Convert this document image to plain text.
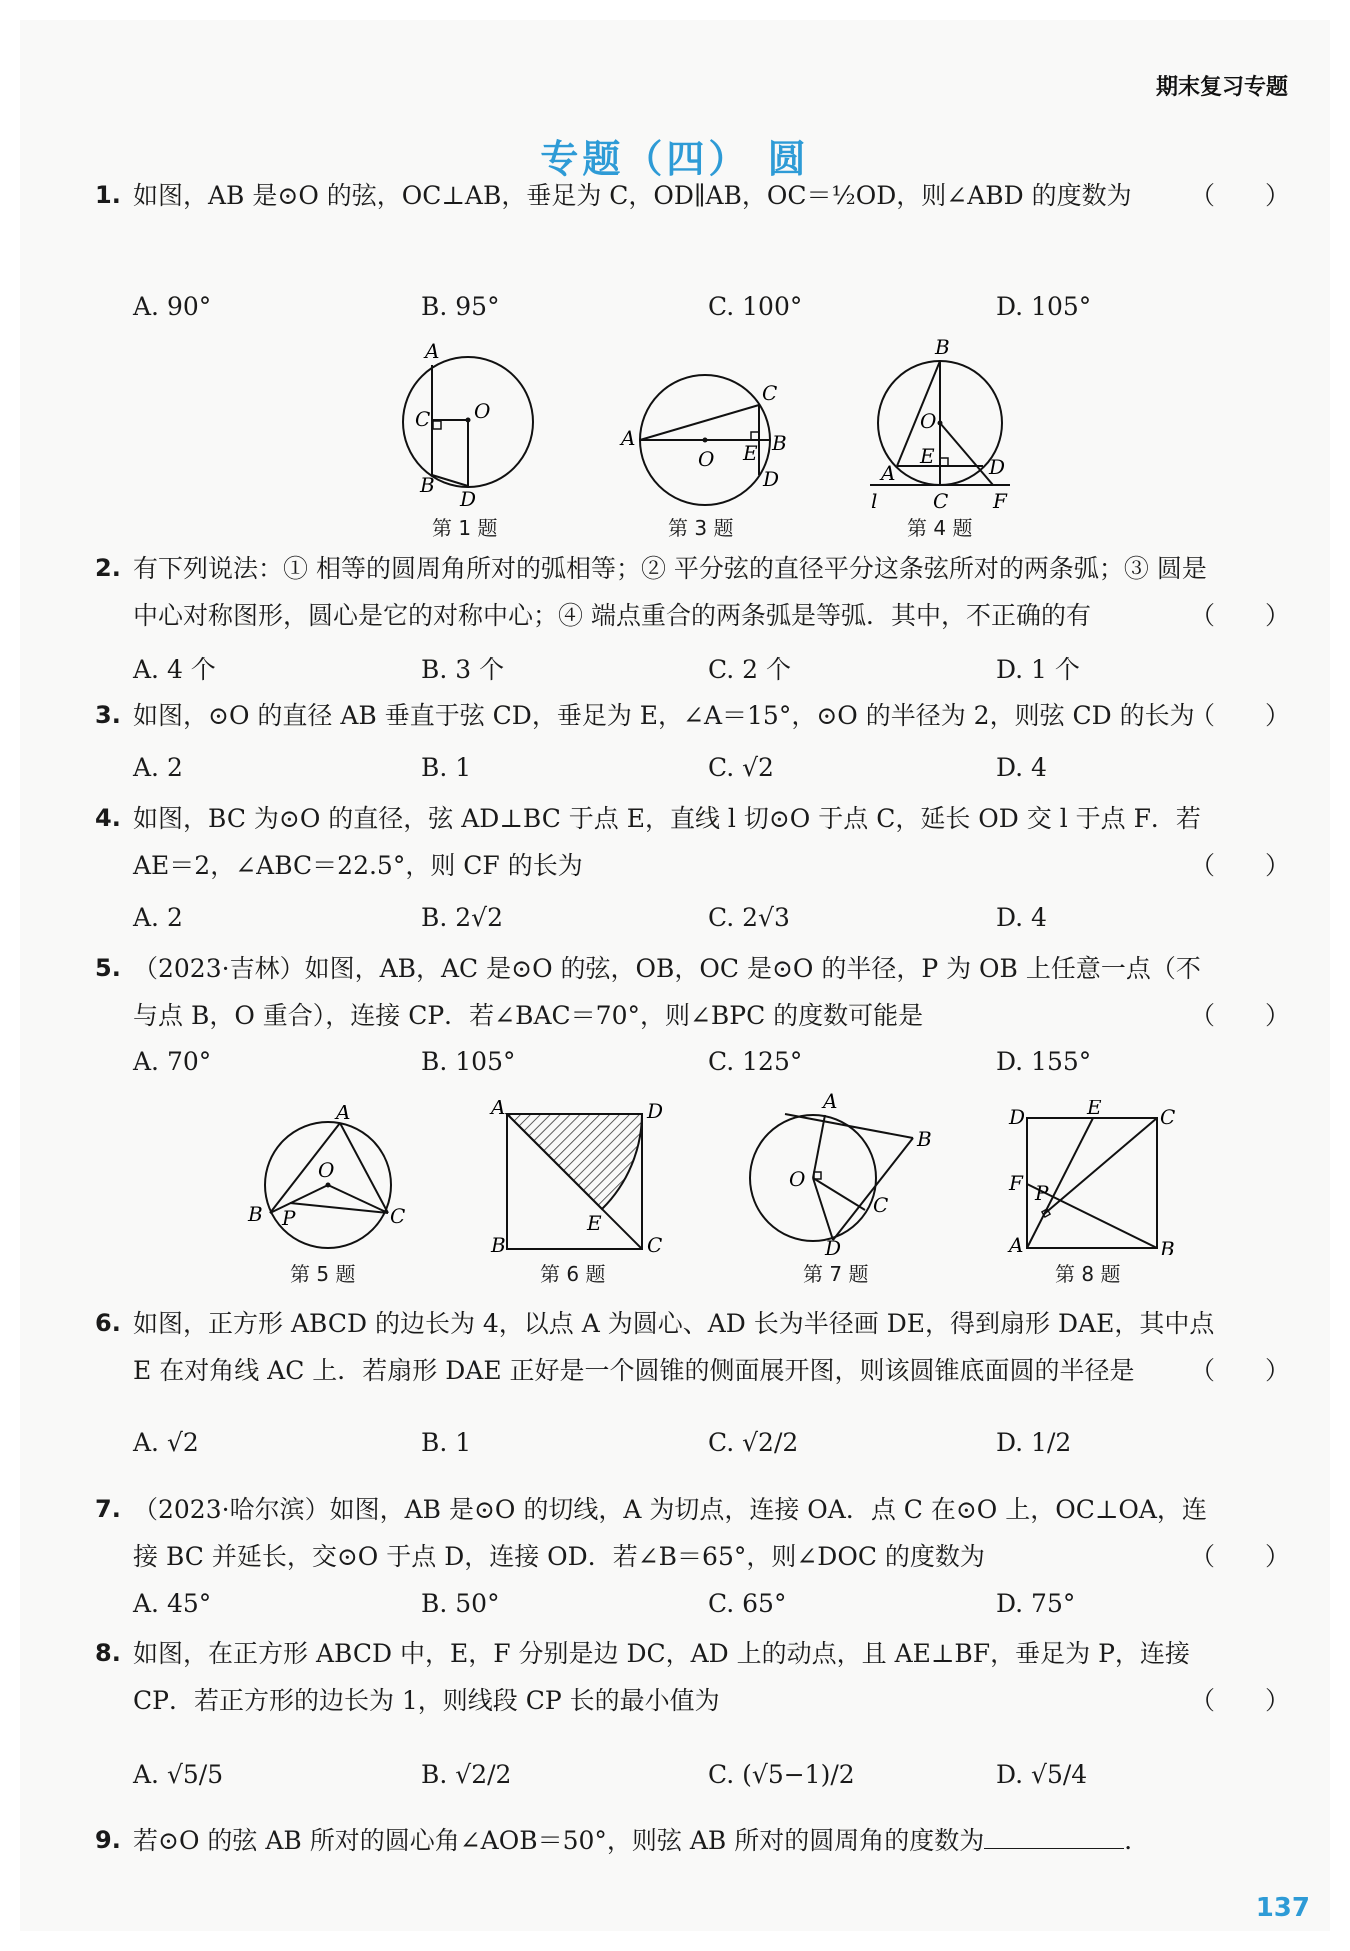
期末复习专题
专题（四） 圆
1. 如图，AB 是⊙O 的弦，OC⊥AB，垂足为 C，OD∥AB，OC＝½OD，则∠ABD 的度数为	（　　）
A. 90°	B. 95°	C. 100°	D. 105°
A
C O
B
D
第 1 题
A
C
O E B
D
第 3 题
B
O
E
A	D
l	C F
第 4 题
2. 有下列说法：① 相等的圆周角所对的弧相等；② 平分弦的直径平分这条弦所对的两条弧；③ 圆是中心对称图形，圆心是它的对称中心；④ 端点重合的两条弧是等弧．其中，不正确的有	（　　）
A. 4 个	B. 3 个	C. 2 个	D. 1 个
3. 如图，⊙O 的直径 AB 垂直于弦 CD，垂足为 E，∠A＝15°，⊙O 的半径为 2，则弦 CD 的长为
（　　）
A. 2	B. 1	C. √2	D. 4
4. 如图，BC 为⊙O 的直径，弦 AD⊥BC 于点 E，直线 l 切⊙O 于点 C，延长 OD 交 l 于点 F．若 AE＝2，∠ABC＝22.5°，则 CF 的长为	（　　）
A. 2	B. 2√2	C. 2√3	D. 4
5. （2023·吉林）如图，AB，AC 是⊙O 的弦，OB，OC 是⊙O 的半径，P 为 OB 上任意一点（不与点 B，O 重合），连接 CP．若∠BAC＝70°，则∠BPC 的度数可能是	（　　）
A. 70°	B. 105°	C. 125°	D. 155°
A
O
B P	C
第 5 题
A	D
B	C
E
第 6 题
A
B
O
C
D
第 7 题
D	E	C
F P
A	B
第 8 题
6. 如图，正方形 ABCD 的边长为 4，以点 A 为圆心、AD 长为半径画 DE，得到扇形 DAE，其中点 E 在对角线 AC 上．若扇形 DAE 正好是一个圆锥的侧面展开图，则该圆锥底面圆的半径是	（　　）
A. √2	B. 1	C. √2/2	D. 1/2
7. （2023·哈尔滨）如图，AB 是⊙O 的切线，A 为切点，连接 OA．点 C 在⊙O 上，OC⊥OA，连接 BC 并延长，交⊙O 于点 D，连接 OD．若∠B＝65°，则∠DOC 的度数为	（　　）
A. 45°	B. 50°	C. 65°	D. 75°
8. 如图，在正方形 ABCD 中，E，F 分别是边 DC，AD 上的动点，且 AE⊥BF，垂足为 P，连接 CP．若正方形的边长为 1，则线段 CP 长的最小值为	（　　）
A. √5/5	B. √2/2	C. (√5−1)/2	D. √5/4
9. 若⊙O 的弦 AB 所对的圆心角∠AOB＝50°，则弦 AB 所对的圆周角的度数为	．
137
